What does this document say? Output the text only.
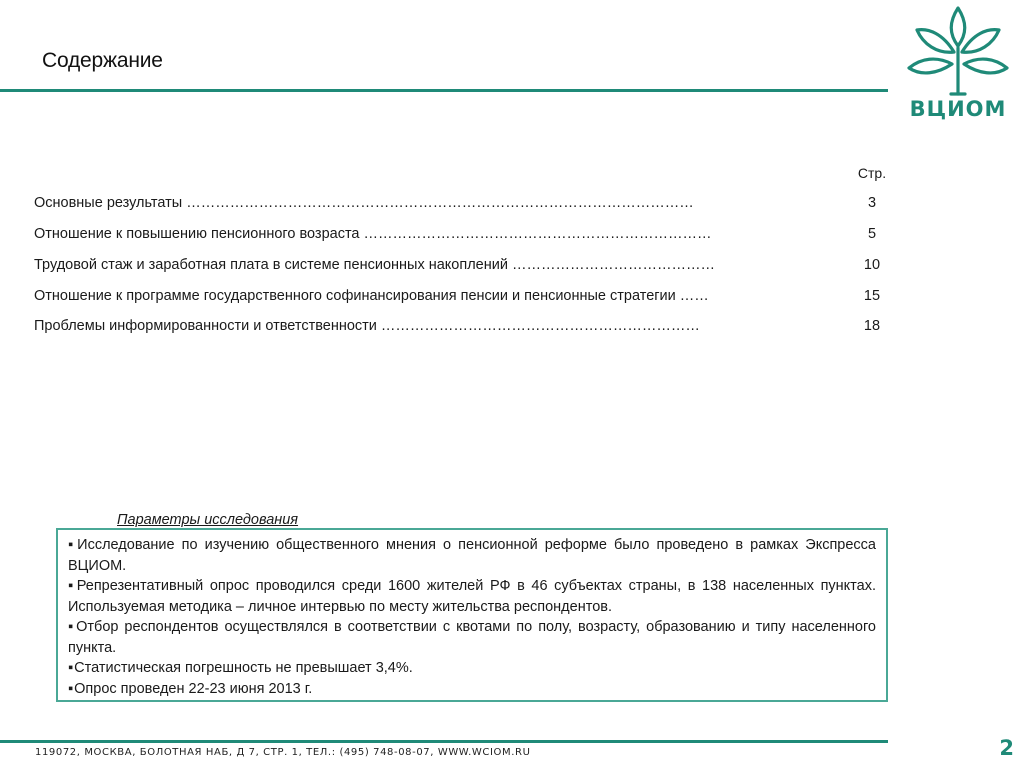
Содержание
ВЦИОМ
Стр.
Основные результаты ……………………………………………………………………………………………	3
Отношение к повышению пенсионного возраста ………………………………………………………………	5
Трудовой стаж и заработная плата в системе пенсионных накоплений ……………………………………	10
Отношение к программе государственного софинансирования пенсии и пенсионные стратегии ……	15
Проблемы информированности и ответственности …………………………………………………………	18
Параметры исследования
▪Исследование по изучению общественного мнения о пенсионной реформе было проведено в рамках Экспресса ВЦИОМ.
▪Репрезентативный опрос проводился среди 1600 жителей РФ в 46 субъектах страны, в 138 населенных пунктах. Используемая методика – личное интервью по месту жительства респондентов.
▪Отбор респондентов осуществлялся в соответствии с квотами по полу, возрасту, образованию и типу населенного пункта.
▪Статистическая погрешность не превышает 3,4%.
▪Опрос проведен 22-23 июня 2013 г.
119072, МОСКВА, БОЛОТНАЯ НАБ, Д 7, СТР. 1, ТЕЛ.: (495) 748-08-07, WWW.WCIOM.RU	2
